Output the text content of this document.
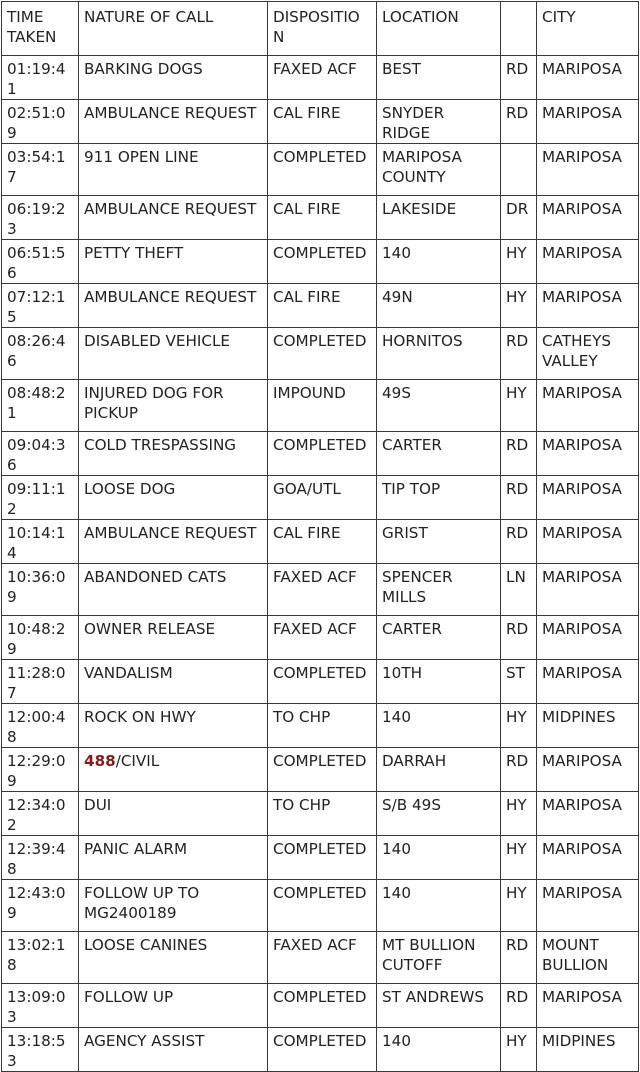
TIME TAKEN	NATURE OF CALL	DISPOSITION	LOCATION		CITY
01:19:41	BARKING DOGS	FAXED ACF	BEST	RD	MARIPOSA
02:51:09	AMBULANCE REQUEST	CAL FIRE	SNYDER RIDGE	RD	MARIPOSA
03:54:17	911 OPEN LINE	COMPLETED	MARIPOSA COUNTY		MARIPOSA
06:19:23	AMBULANCE REQUEST	CAL FIRE	LAKESIDE	DR	MARIPOSA
06:51:56	PETTY THEFT	COMPLETED	140	HY	MARIPOSA
07:12:15	AMBULANCE REQUEST	CAL FIRE	49N	HY	MARIPOSA
08:26:46	DISABLED VEHICLE	COMPLETED	HORNITOS	RD	CATHEYS VALLEY
08:48:21	INJURED DOG FOR PICKUP	IMPOUND	49S	HY	MARIPOSA
09:04:36	COLD TRESPASSING	COMPLETED	CARTER	RD	MARIPOSA
09:11:12	LOOSE DOG	GOA/UTL	TIP TOP	RD	MARIPOSA
10:14:14	AMBULANCE REQUEST	CAL FIRE	GRIST	RD	MARIPOSA
10:36:09	ABANDONED CATS	FAXED ACF	SPENCER MILLS	LN	MARIPOSA
10:48:29	OWNER RELEASE	FAXED ACF	CARTER	RD	MARIPOSA
11:28:07	VANDALISM	COMPLETED	10TH	ST	MARIPOSA
12:00:48	ROCK ON HWY	TO CHP	140	HY	MIDPINES
12:29:09	488/CIVIL	COMPLETED	DARRAH	RD	MARIPOSA
12:34:02	DUI	TO CHP	S/B 49S	HY	MARIPOSA
12:39:48	PANIC ALARM	COMPLETED	140	HY	MARIPOSA
12:43:09	FOLLOW UP TO MG2400189	COMPLETED	140	HY	MARIPOSA
13:02:18	LOOSE CANINES	FAXED ACF	MT BULLION CUTOFF	RD	MOUNT BULLION
13:09:03	FOLLOW UP	COMPLETED	ST ANDREWS	RD	MARIPOSA
13:18:53	AGENCY ASSIST	COMPLETED	140	HY	MIDPINES
